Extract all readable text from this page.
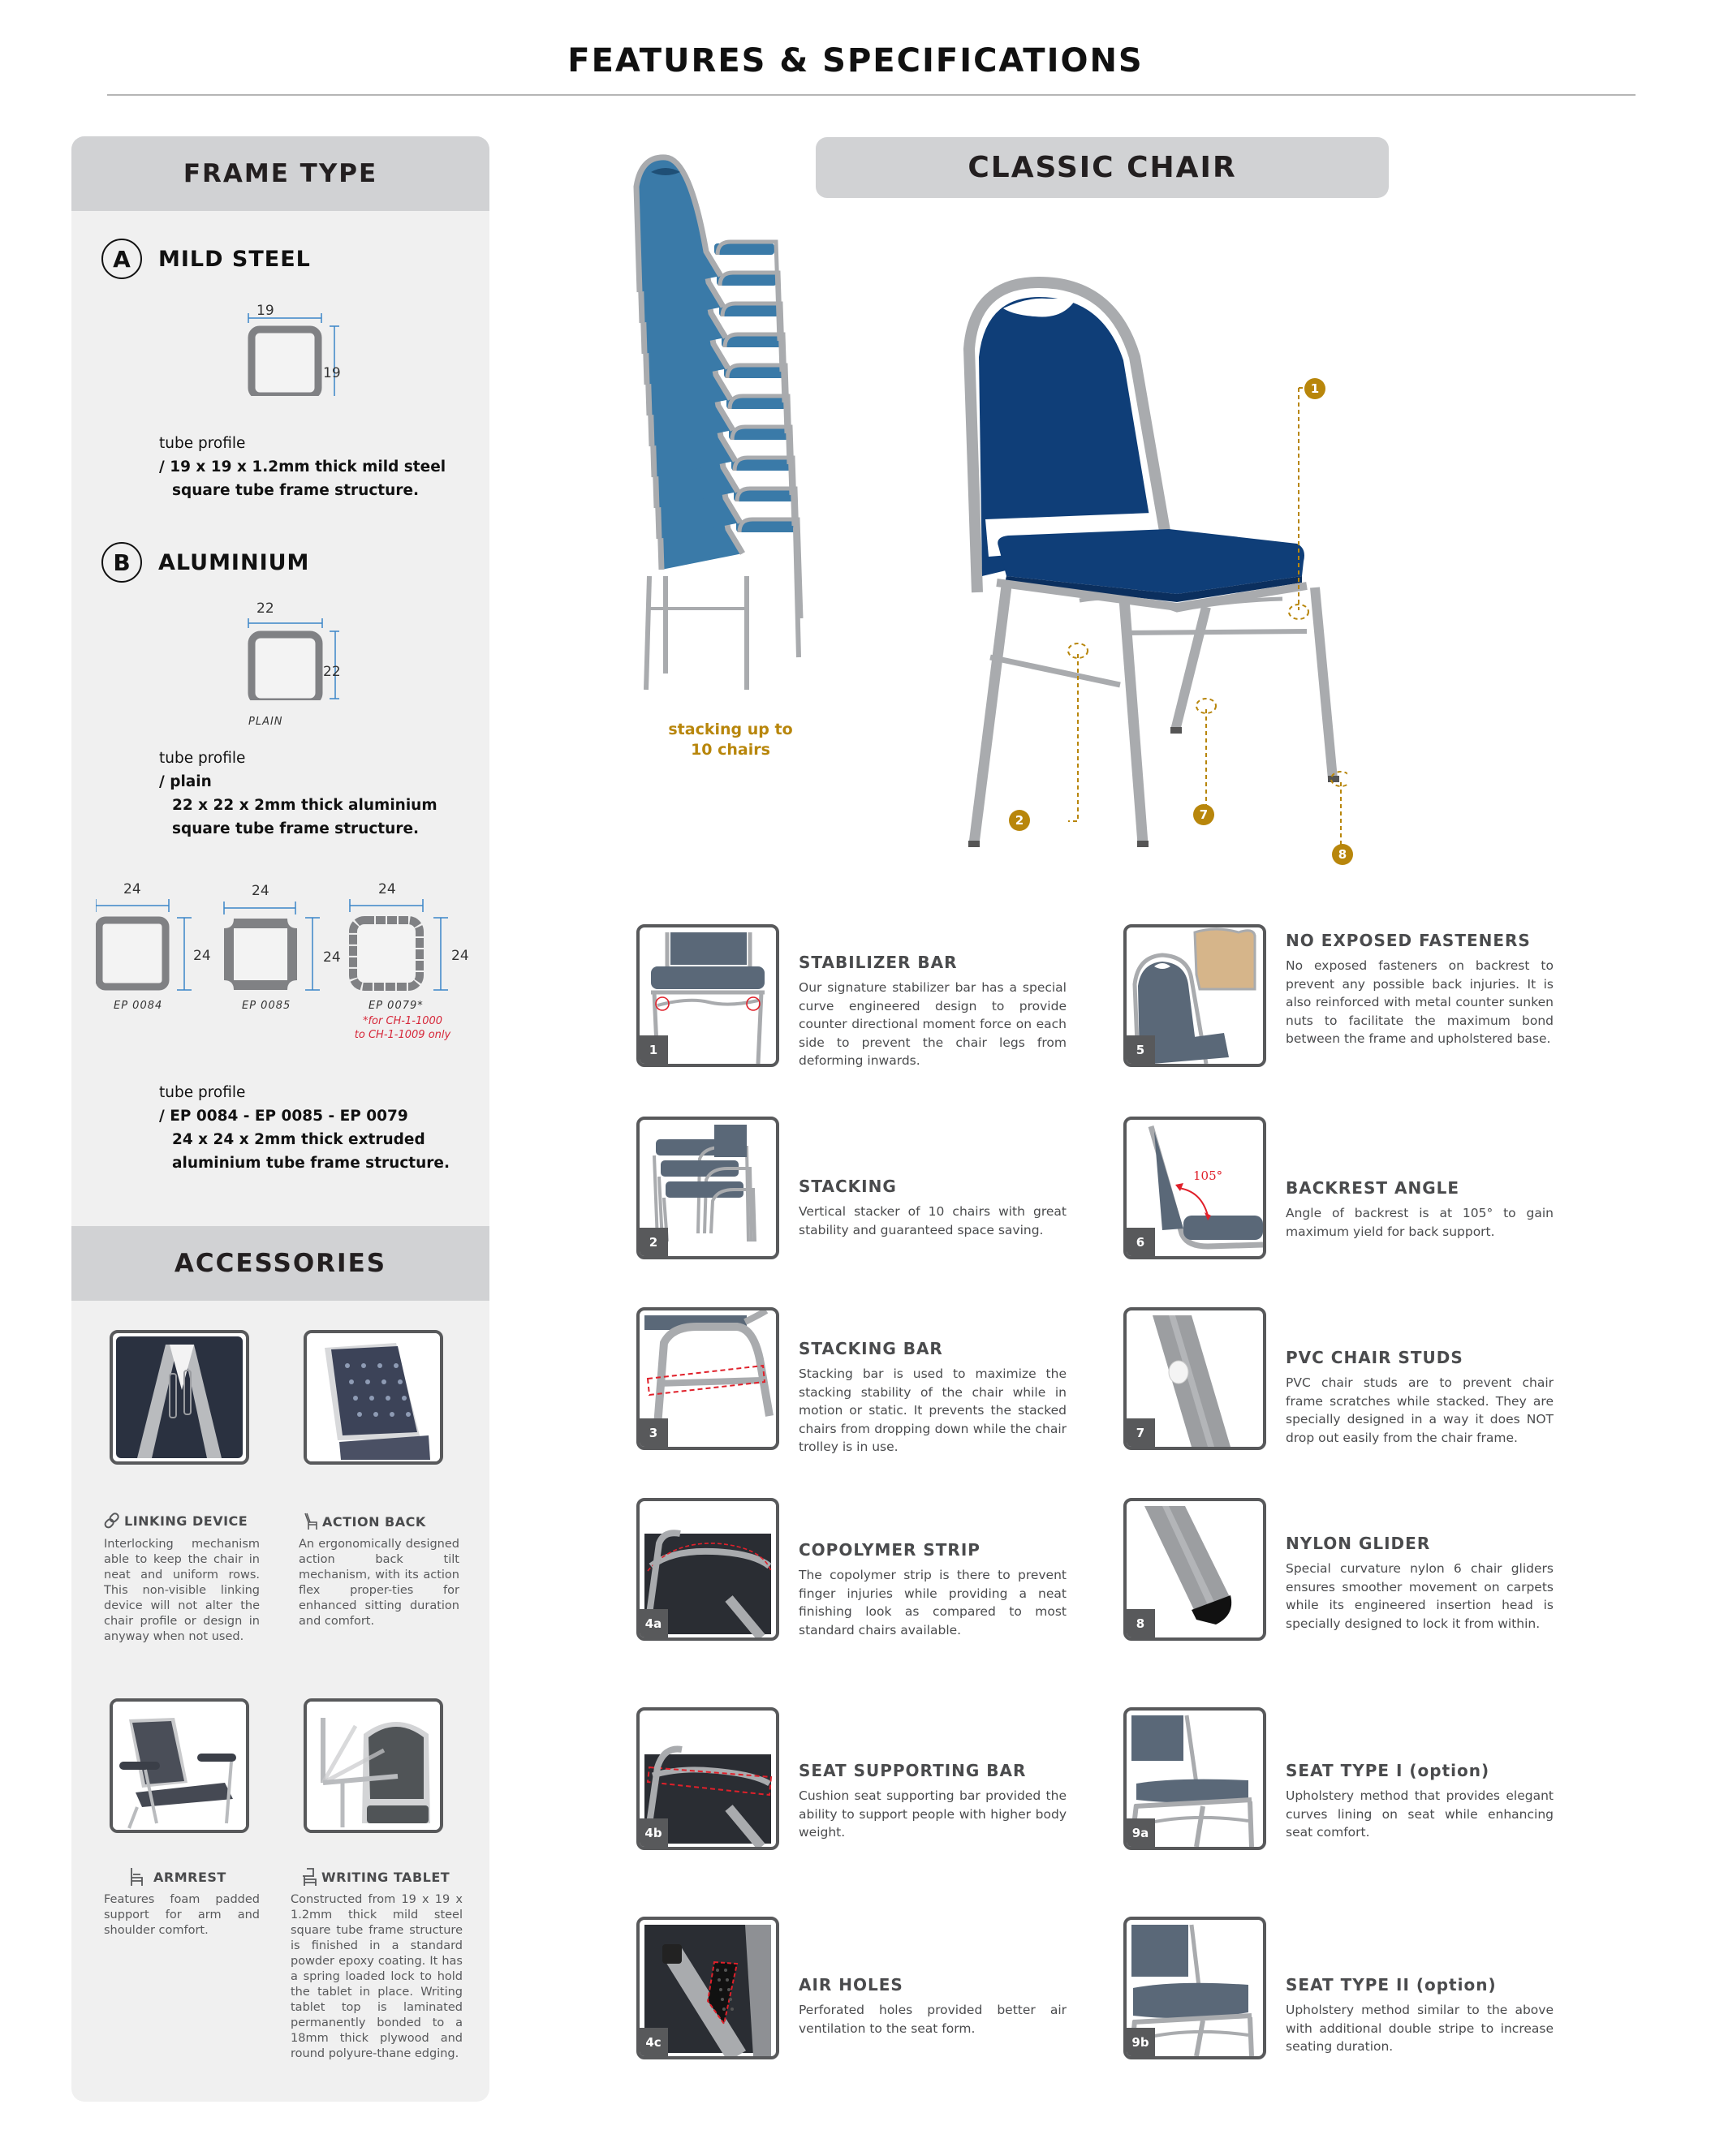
FEATURES & SPECIFICATIONS
FRAME TYPE
A	MILD STEEL
19
19
tube profile
/ 19 x 19 x 1.2mm thick mild steel
square tube frame structure.
B	ALUMINIUM
22
22
PLAIN
tube profile
/ plain
22 x 22 x 2mm thick aluminium
square tube frame structure.
24
24
EP 0084
24
24
EP 0085
24
24
EP 0079*
*for CH-1-1000
to CH-1-1009 only
tube profile
/ EP 0084 - EP 0085 - EP 0079
24 x 24 x 2mm thick extruded
aluminium tube frame structure.
ACCESSORIES
LINKING DEVICE
Interlocking mechanism able to keep the chair in neat and uniform rows. This non-visible linking device will not alter the chair profile or design in anyway when not used.
ACTION BACK
An ergonomically designed action back tilt mechanism, with its action flex proper-ties for enhanced sitting duration and comfort.
ARMREST
Features foam padded support for arm and shoulder comfort.
WRITING TABLET
Constructed from 19 x 19 x 1.2mm thick mild steel square tube frame structure is finished in a standard powder epoxy coating. It has a spring loaded lock to hold the tablet in place. Writing tablet top is laminated permanently bonded to a 18mm thick plywood and round polyure-thane edging.
CLASSIC CHAIR
stacking up to
10 chairs
1
2	7
8
1
STABILIZER BAR
Our signature stabilizer bar has a special curve engineered design to provide counter directional moment force on each side to prevent the chair legs from deforming inwards.
2
STACKING
Vertical stacker of 10 chairs with great stability and guaranteed space saving.
3
STACKING BAR
Stacking bar is used to maximize the stacking stability of the chair while in motion or static. It prevents the stacked chairs from dropping down while the chair trolley is in use.
4a
COPOLYMER STRIP
The copolymer strip is there to prevent finger injuries while providing a neat finishing look as compared to most standard chairs available.
4b
SEAT SUPPORTING BAR
Cushion seat supporting bar provided the ability to support people with higher body weight.
4c
AIR HOLES
Perforated holes provided better air ventilation to the seat form.
5
NO EXPOSED FASTENERS
No exposed fasteners on backrest to prevent any possible back injuries. It is also reinforced with metal counter sunken nuts to facilitate the maximum bond between the frame and upholstered base.
105°
6
BACKREST ANGLE
Angle of backrest is at 105° to gain maximum yield for back support.
7
PVC CHAIR STUDS
PVC chair studs are to prevent chair frame scratches while stacked. They are specially designed in a way it does NOT drop out easily from the chair frame.
8
NYLON GLIDER
Special curvature nylon 6 chair gliders ensures smoother movement on carpets while its engineered insertion head is specially designed to lock it from within.
9a
SEAT TYPE I (option)
Upholstery method that provides elegant curves lining on seat while enhancing seat comfort.
9b
SEAT TYPE II (option)
Upholstery method similar to the above with additional double stripe to increase seating duration.
